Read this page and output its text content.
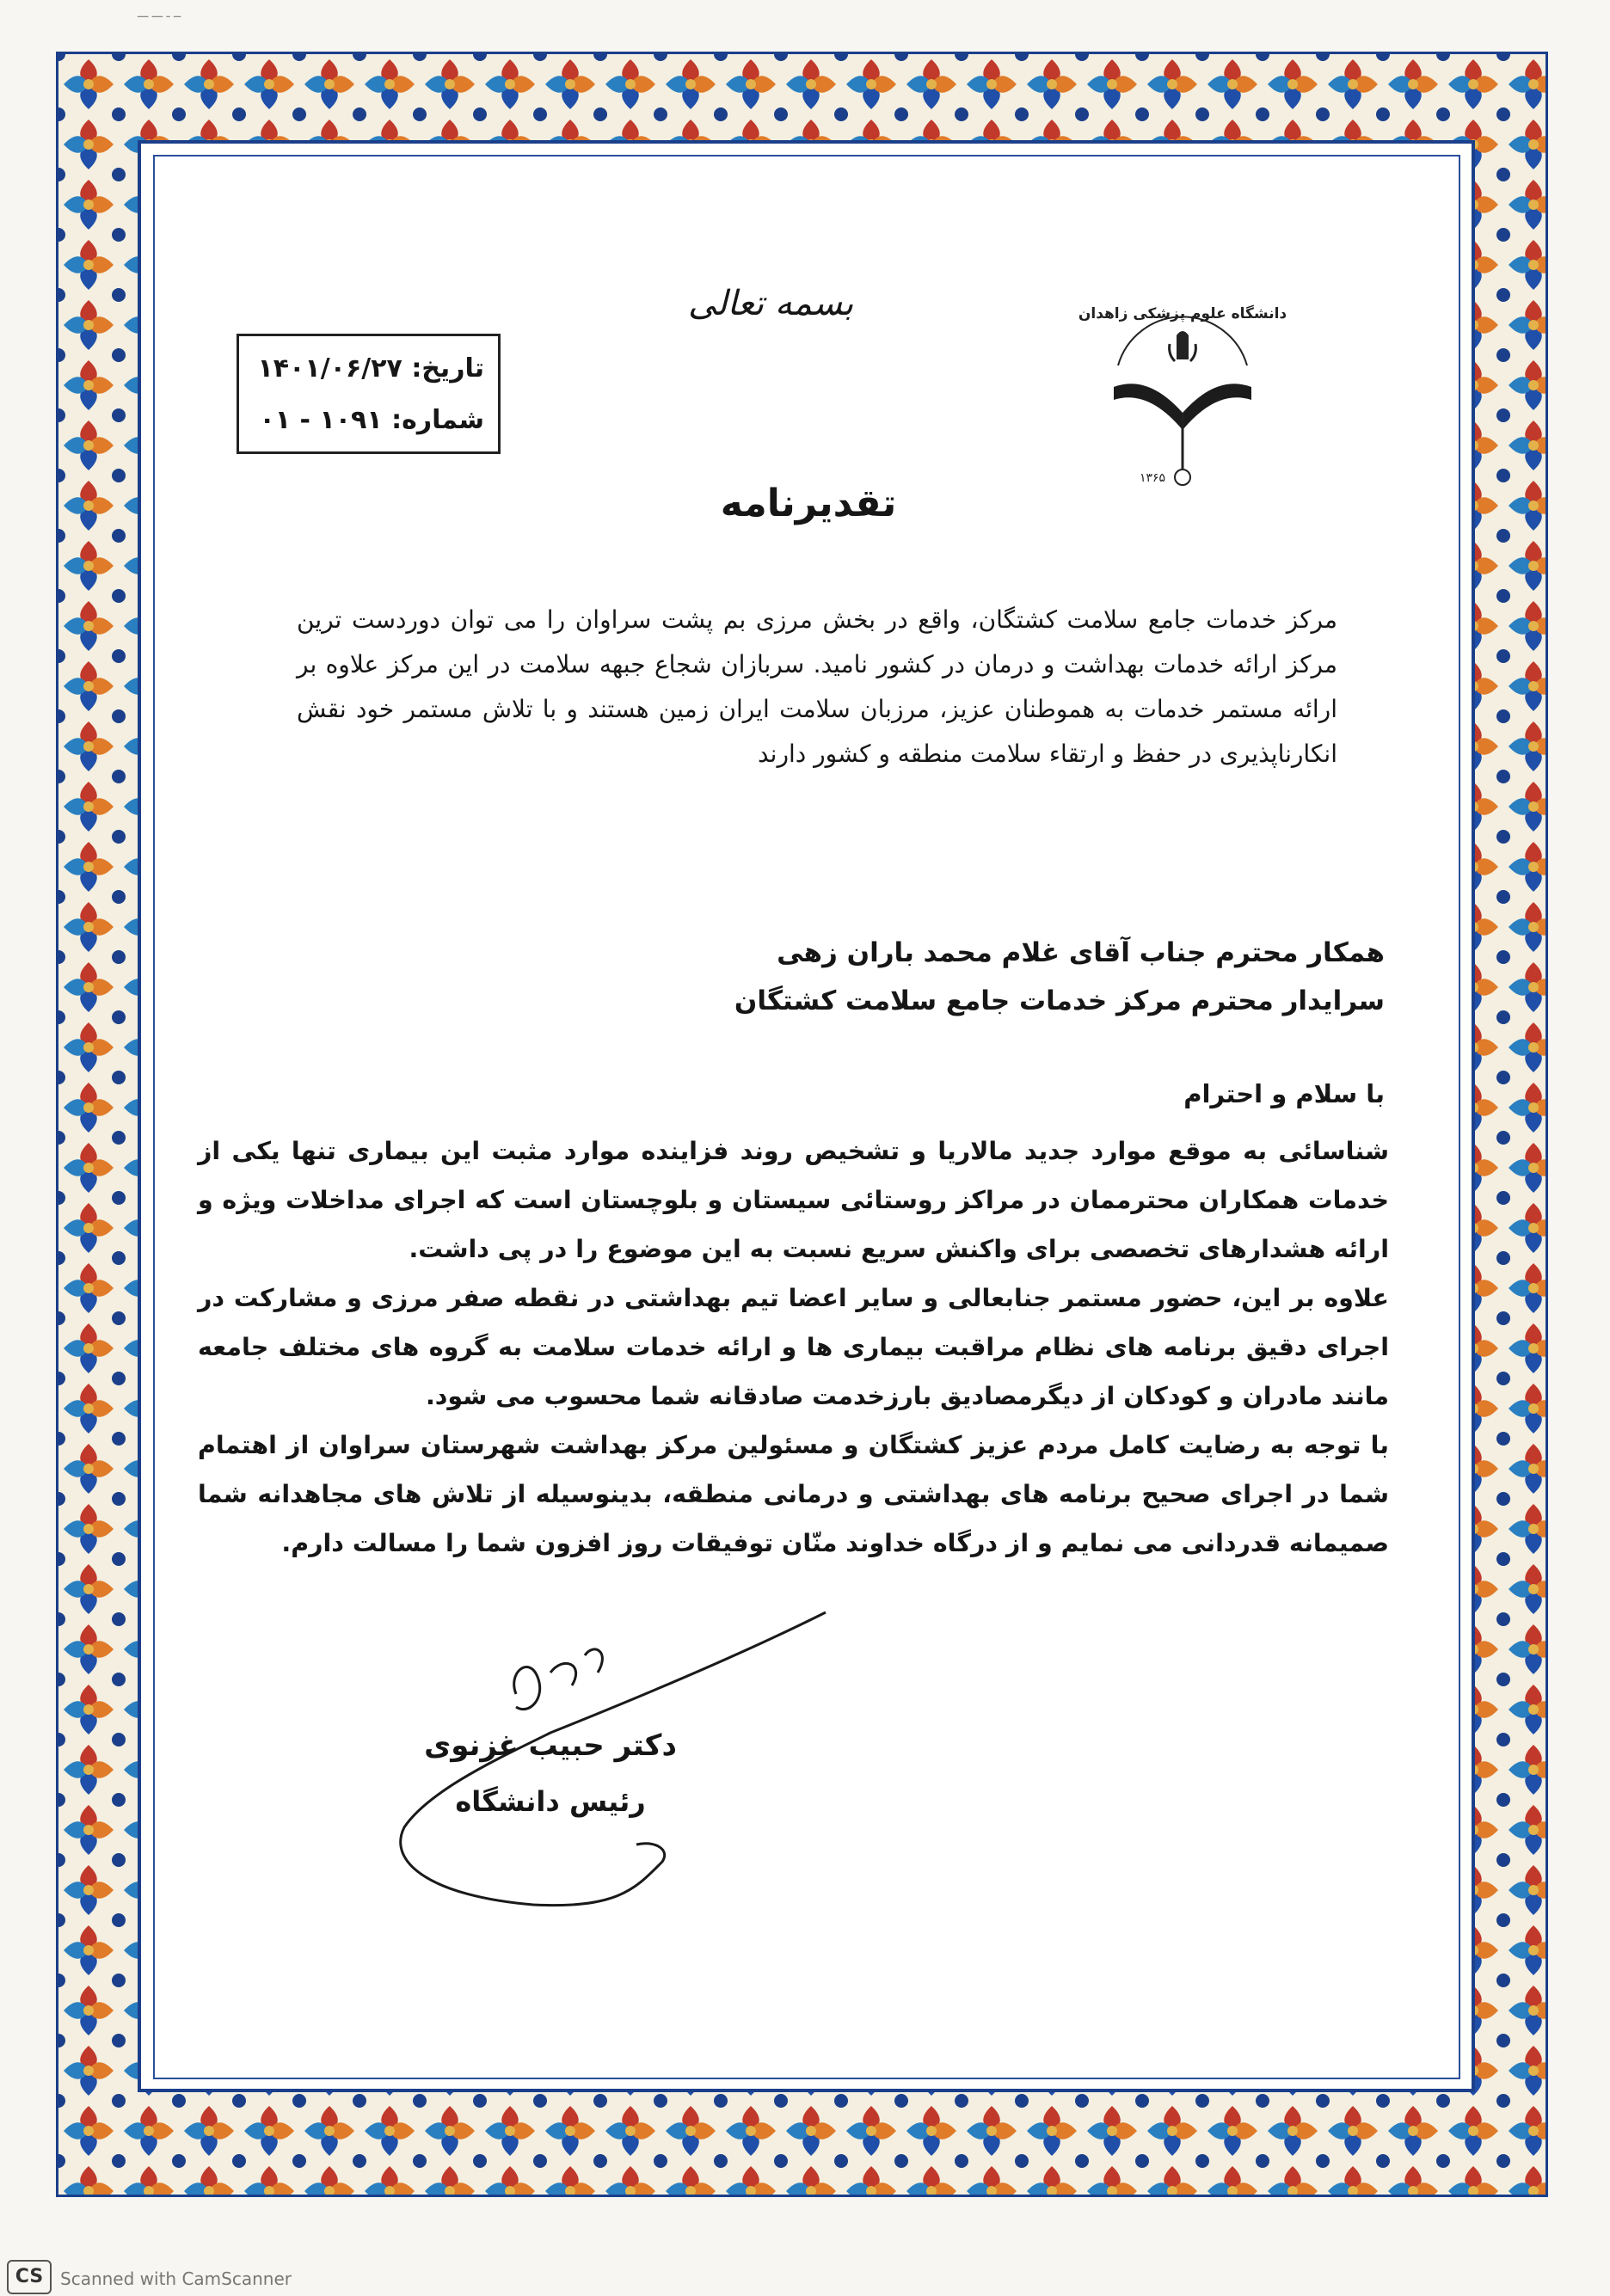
ــ ـ ـــ ـــ
بسمه تعالی	دانشگاه علوم پزشکی زاهدان
۱۳۶۵
تاریخ: ۱۴۰۱/۰۶/۲۷
شماره: ۱۰۹۱ - ۰۱
تقدیرنامه
مرکز خدمات جامع سلامت کشتگان، واقع در بخش مرزی بم پشت سراوان را می توان دوردست ترین مرکز ارائه خدمات بهداشت و درمان در کشور نامید. سربازان شجاع جبهه سلامت در این مرکز علاوه بر ارائه مستمر خدمات به هموطنان عزیز، مرزبان سلامت ایران زمین هستند و با تلاش مستمر خود نقش انکارناپذیری در حفظ و ارتقاء سلامت منطقه و کشور دارند
همکار محترم جناب آقای غلام محمد باران زهی
سرایدار محترم مرکز خدمات جامع سلامت کشتگان
با سلام و احترام

شناسائی به موقع موارد جدید مالاریا و تشخیص روند فزاینده موارد مثبت این بیماری تنها یکی از خدمات همکاران محترممان در مراکز روستائی سیستان و بلوچستان است که اجرای مداخلات ویژه و ارائه هشدارهای تخصصی برای واکنش سریع نسبت به این موضوع را در پی داشت.

علاوه بر این، حضور مستمر جنابعالی و سایر اعضا تیم بهداشتی در نقطه صفر مرزی و مشارکت در اجرای دقیق برنامه های نظام مراقبت بیماری ها و ارائه خدمات سلامت به گروه های مختلف جامعه مانند مادران و کودکان از دیگرمصادیق بارزخدمت صادقانه شما محسوب می شود.

با توجه به رضایت کامل مردم عزیز کشتگان و مسئولین مرکز بهداشت شهرستان سراوان از اهتمام شما در اجرای صحیح برنامه های بهداشتی و درمانی منطقه، بدینوسیله از تلاش های مجاهدانه شما صمیمانه قدردانی می نمایم و از درگاه خداوند منّان توفیقات روز افزون شما را مسالت دارم.

دکتر حبیب غزنوی
رئیس دانشگاه
CS Scanned with CamScanner
